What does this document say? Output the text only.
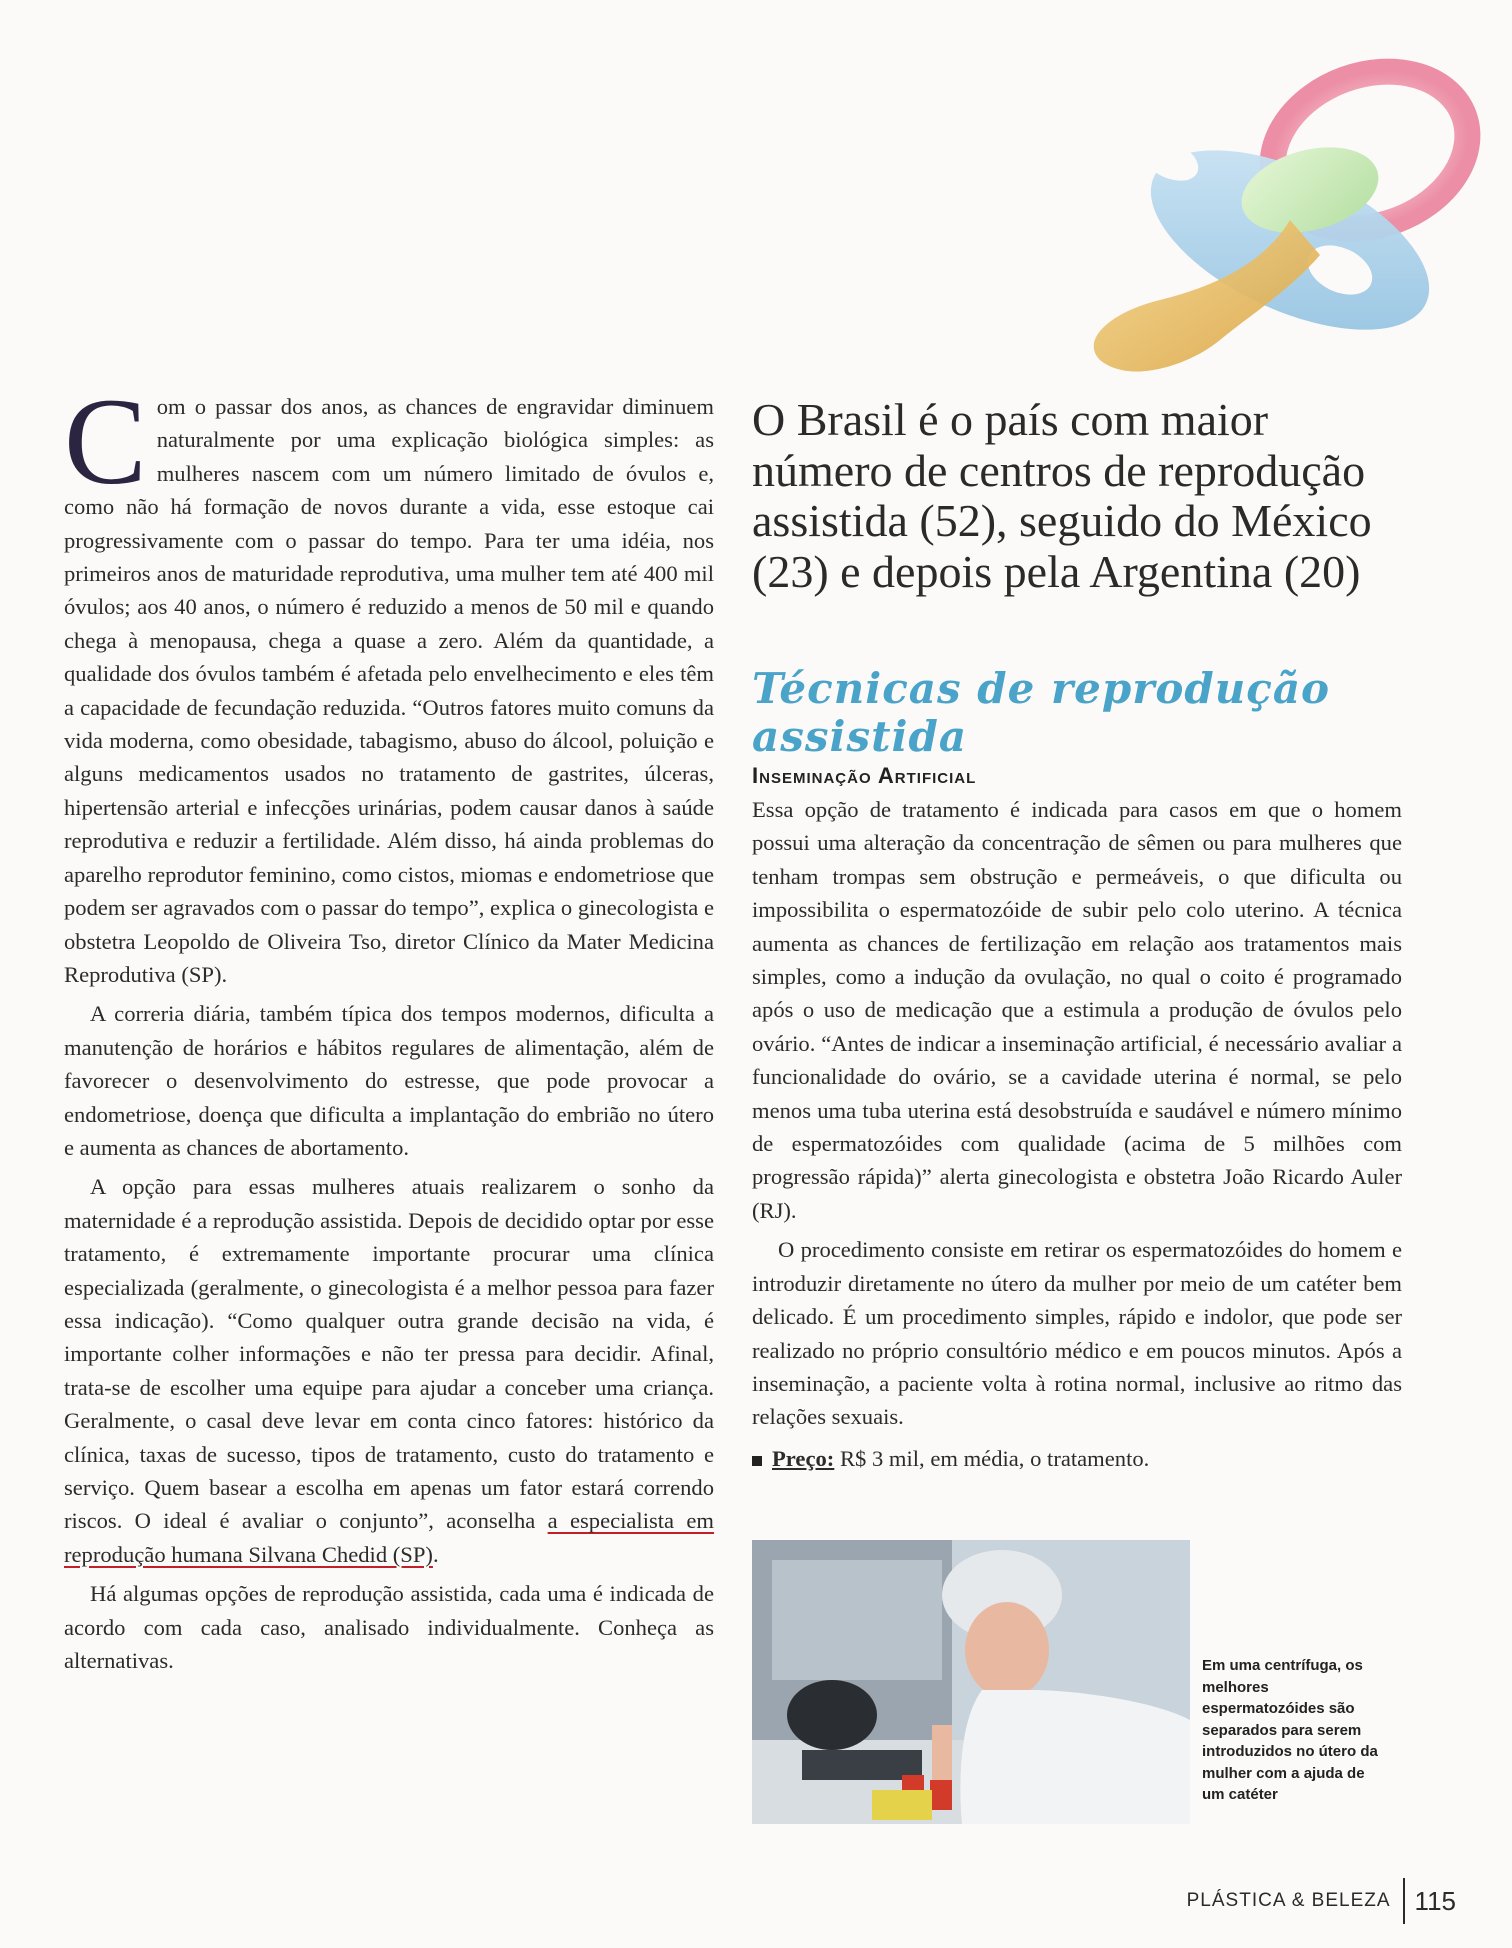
Com o passar dos anos, as chances de engravidar diminuem naturalmente por uma explicação biológica simples: as mulheres nascem com um número limitado de óvulos e, como não há formação de novos durante a vida, esse estoque cai progressivamente com o passar do tempo. Para ter uma idéia, nos primeiros anos de maturidade reprodutiva, uma mulher tem até 400 mil óvulos; aos 40 anos, o número é reduzido a menos de 50 mil e quando chega à menopausa, chega a quase a zero. Além da quantidade, a qualidade dos óvulos também é afetada pelo envelhecimento e eles têm a capacidade de fecundação reduzida. “Outros fatores muito comuns da vida moderna, como obesidade, tabagismo, abuso do álcool, poluição e alguns medicamentos usados no tratamento de gastrites, úlceras, hipertensão arterial e infecções urinárias, podem causar danos à saúde reprodutiva e reduzir a fertilidade. Além disso, há ainda problemas do aparelho reprodutor feminino, como cistos, miomas e endometriose que podem ser agravados com o passar do tempo”, explica o ginecologista e obstetra Leopoldo de Oliveira Tso, diretor Clínico da Mater Medicina Reprodutiva (SP).

A correria diária, também típica dos tempos modernos, dificulta a manutenção de horários e hábitos regulares de alimentação, além de favorecer o desenvolvimento do estresse, que pode provocar a endometriose, doença que dificulta a implantação do embrião no útero e aumenta as chances de abortamento.

A opção para essas mulheres atuais realizarem o sonho da maternidade é a reprodução assistida. Depois de decidido optar por esse tratamento, é extremamente importante procurar uma clínica especializada (geralmente, o ginecologista é a melhor pessoa para fazer essa indicação). “Como qualquer outra grande decisão na vida, é importante colher informações e não ter pressa para decidir. Afinal, trata-se de escolher uma equipe para ajudar a conceber uma criança. Geralmente, o casal deve levar em conta cinco fatores: histórico da clínica, taxas de sucesso, tipos de tratamento, custo do tratamento e serviço. Quem basear a escolha em apenas um fator estará correndo riscos. O ideal é avaliar o conjunto”, aconselha a especialista em reprodução humana Silvana Chedid (SP).

Há algumas opções de reprodução assistida, cada uma é indicada de acordo com cada caso, analisado individualmente. Conheça as alternativas.

O Brasil é o país com maior número de centros de reprodução assistida (52), seguido do México (23) e depois pela Argentina (20)

Técnicas de reprodução assistida
Inseminação Artificial

Essa opção de tratamento é indicada para casos em que o homem possui uma alteração da concentração de sêmen ou para mulheres que tenham trompas sem obstrução e permeáveis, o que dificulta ou impossibilita o espermatozóide de subir pelo colo uterino. A técnica aumenta as chances de fertilização em relação aos tratamentos mais simples, como a indução da ovulação, no qual o coito é programado após o uso de medicação que a estimula a produção de óvulos pelo ovário. “Antes de indicar a inseminação artificial, é necessário avaliar a funcionalidade do ovário, se a cavidade uterina é normal, se pelo menos uma tuba uterina está desobstruída e saudável e número mínimo de espermatozóides com qualidade (acima de 5 milhões com progressão rápida)” alerta ginecologista e obstetra João Ricardo Auler (RJ).

O procedimento consiste em retirar os espermatozóides do homem e introduzir diretamente no útero da mulher por meio de um catéter bem delicado. É um procedimento simples, rápido e indolor, que pode ser realizado no próprio consultório médico e em poucos minutos. Após a inseminação, a paciente volta à rotina normal, inclusive ao ritmo das relações sexuais.

Preço: R$ 3 mil, em média, o tratamento.
Em uma centrífuga, os melhores espermatozóides são separados para serem introduzidos no útero da mulher com a ajuda de um catéter
PLÁSTICA & BELEZA 115
